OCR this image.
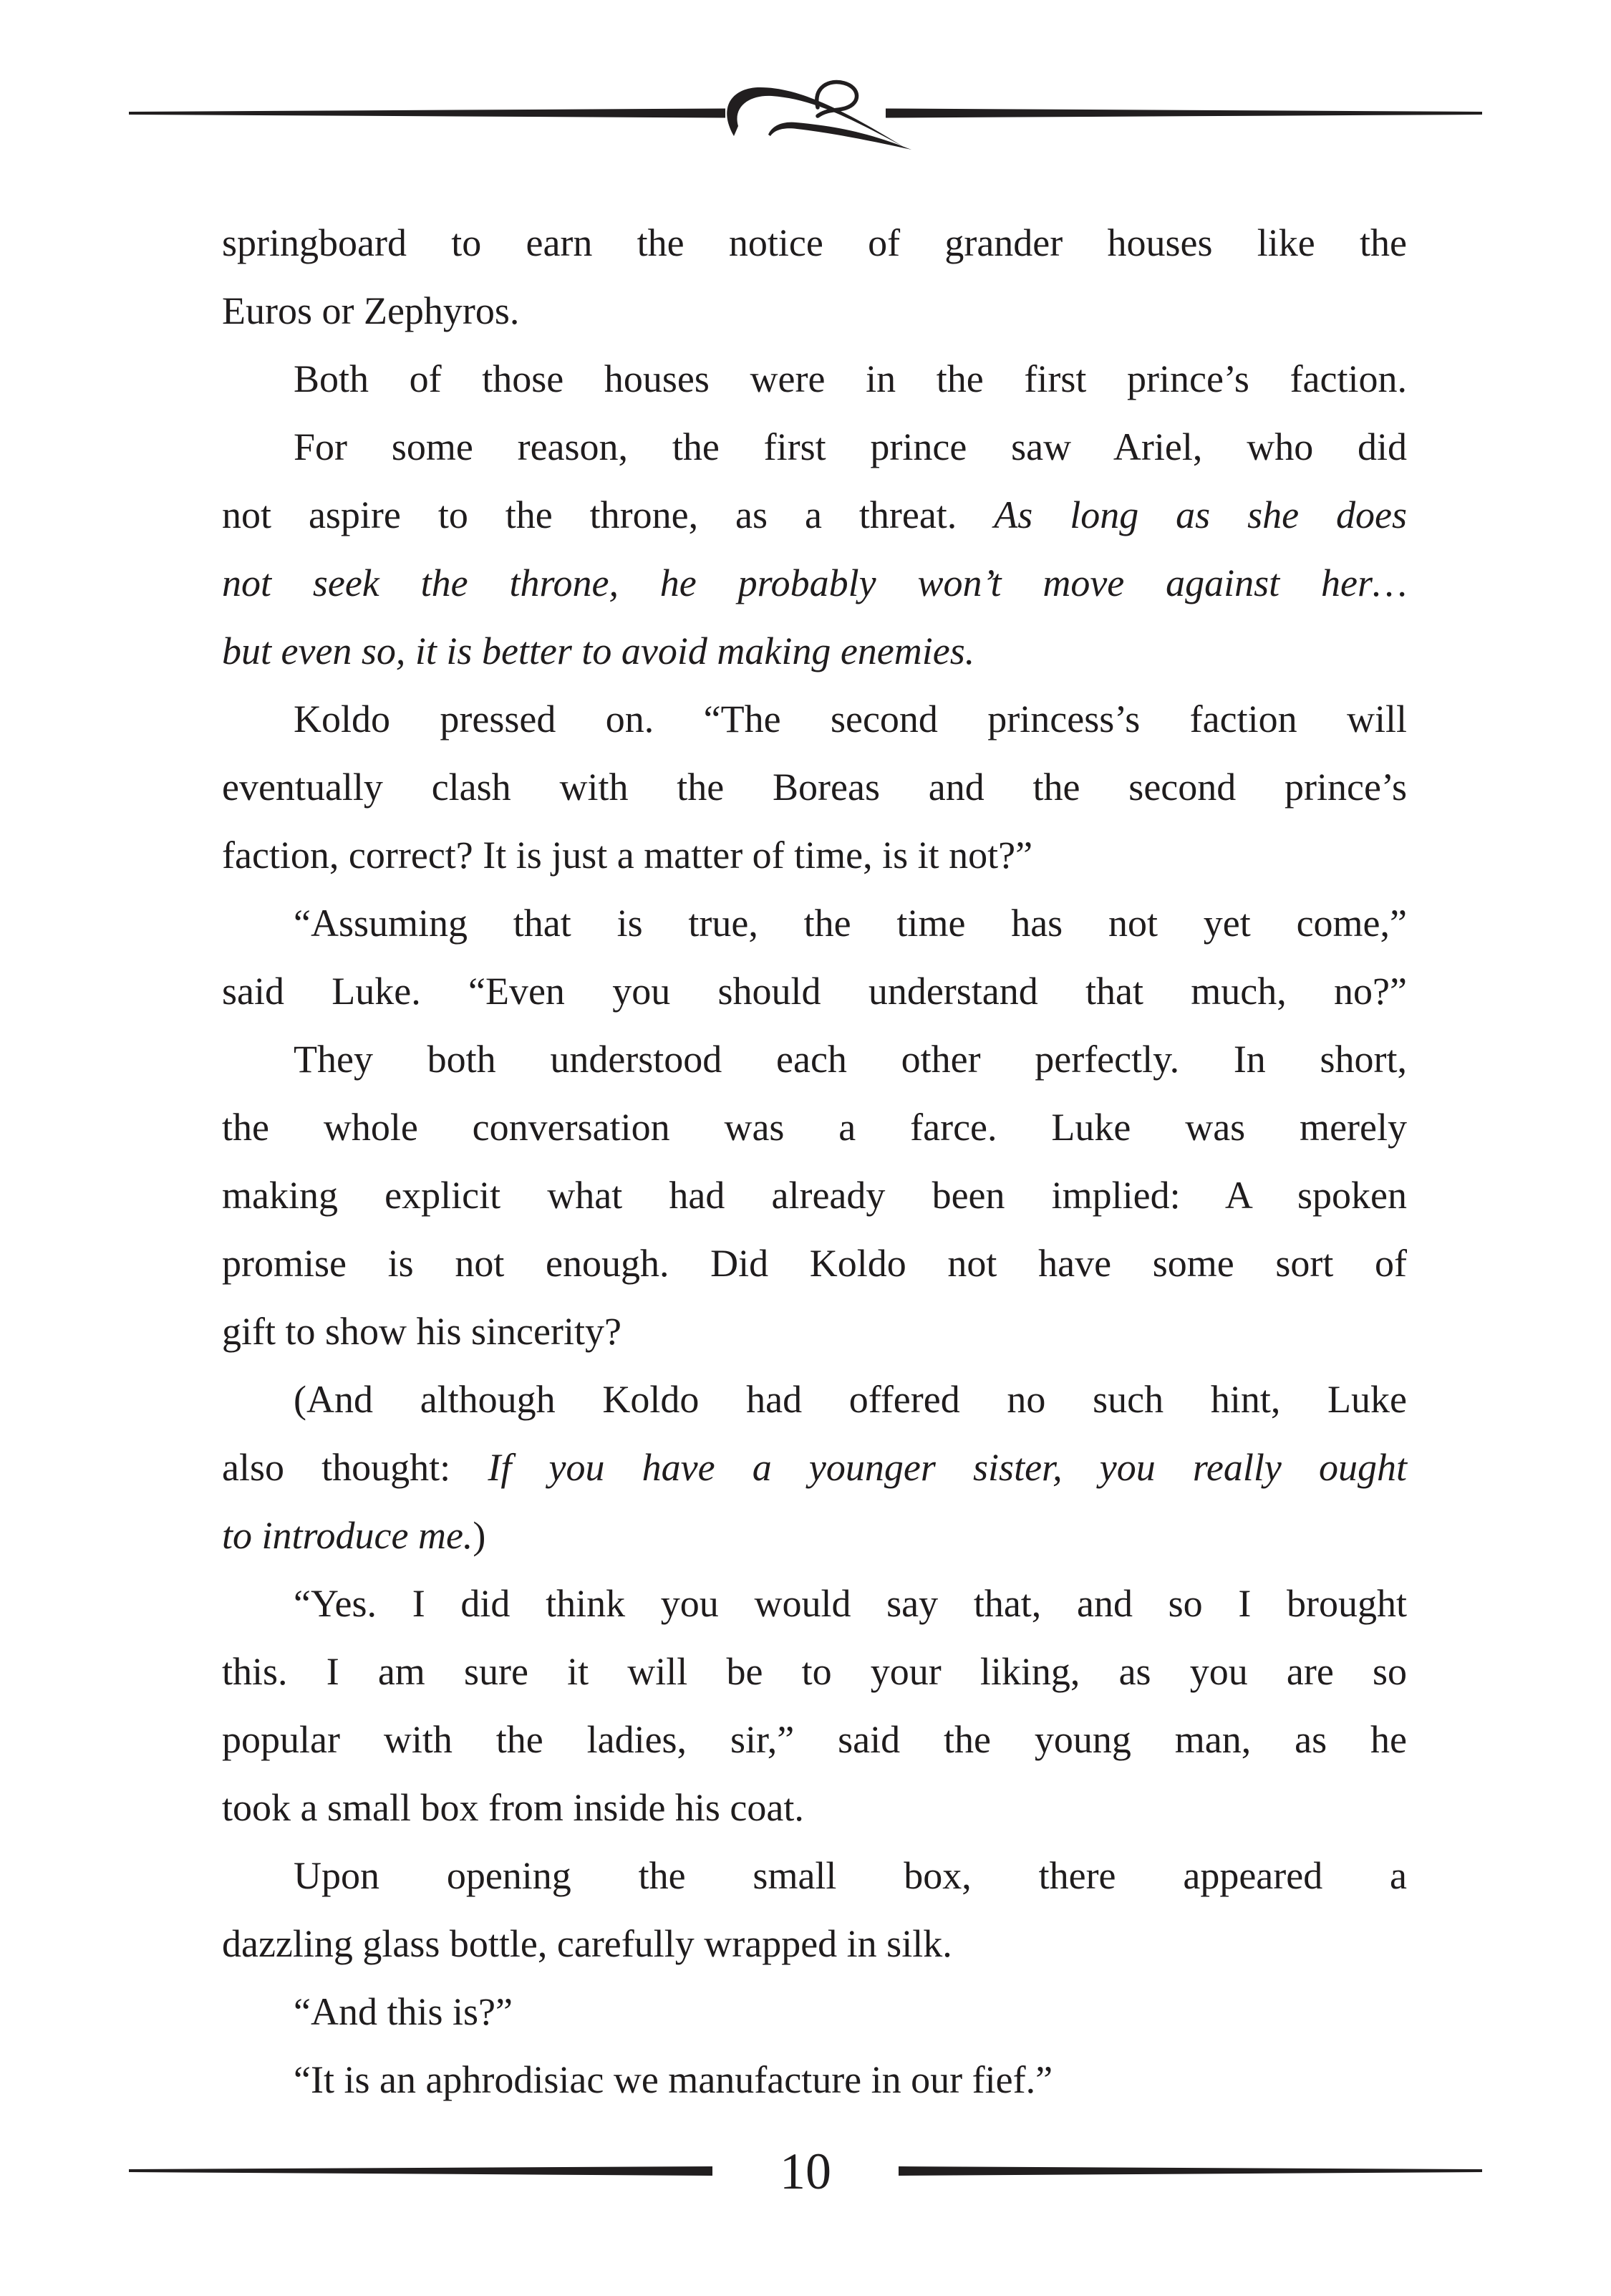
springboard to earn the notice of grander houses like the
Euros or Zephyros.
Both of those houses were in the first prince’s faction.
For some reason, the first prince saw Ariel, who did
not aspire to the throne, as a threat. As long as she does
not seek the throne, he probably won’t move against her…
but even so, it is better to avoid making enemies.
Koldo pressed on. “The second princess’s faction will
eventually clash with the Boreas and the second prince’s
faction, correct? It is just a matter of time, is it not?”
“Assuming that is true, the time has not yet come,”
said Luke. “Even you should understand that much, no?”
They both understood each other perfectly. In short,
the whole conversation was a farce. Luke was merely
making explicit what had already been implied: A spoken
promise is not enough. Did Koldo not have some sort of
gift to show his sincerity?
(And although Koldo had offered no such hint, Luke
also thought: If you have a younger sister, you really ought
to introduce me.)
“Yes. I did think you would say that, and so I brought
this. I am sure it will be to your liking, as you are so
popular with the ladies, sir,” said the young man, as he
took a small box from inside his coat.
Upon opening the small box, there appeared a
dazzling glass bottle, carefully wrapped in silk.
“And this is?”
“It is an aphrodisiac we manufacture in our fief.”
10
